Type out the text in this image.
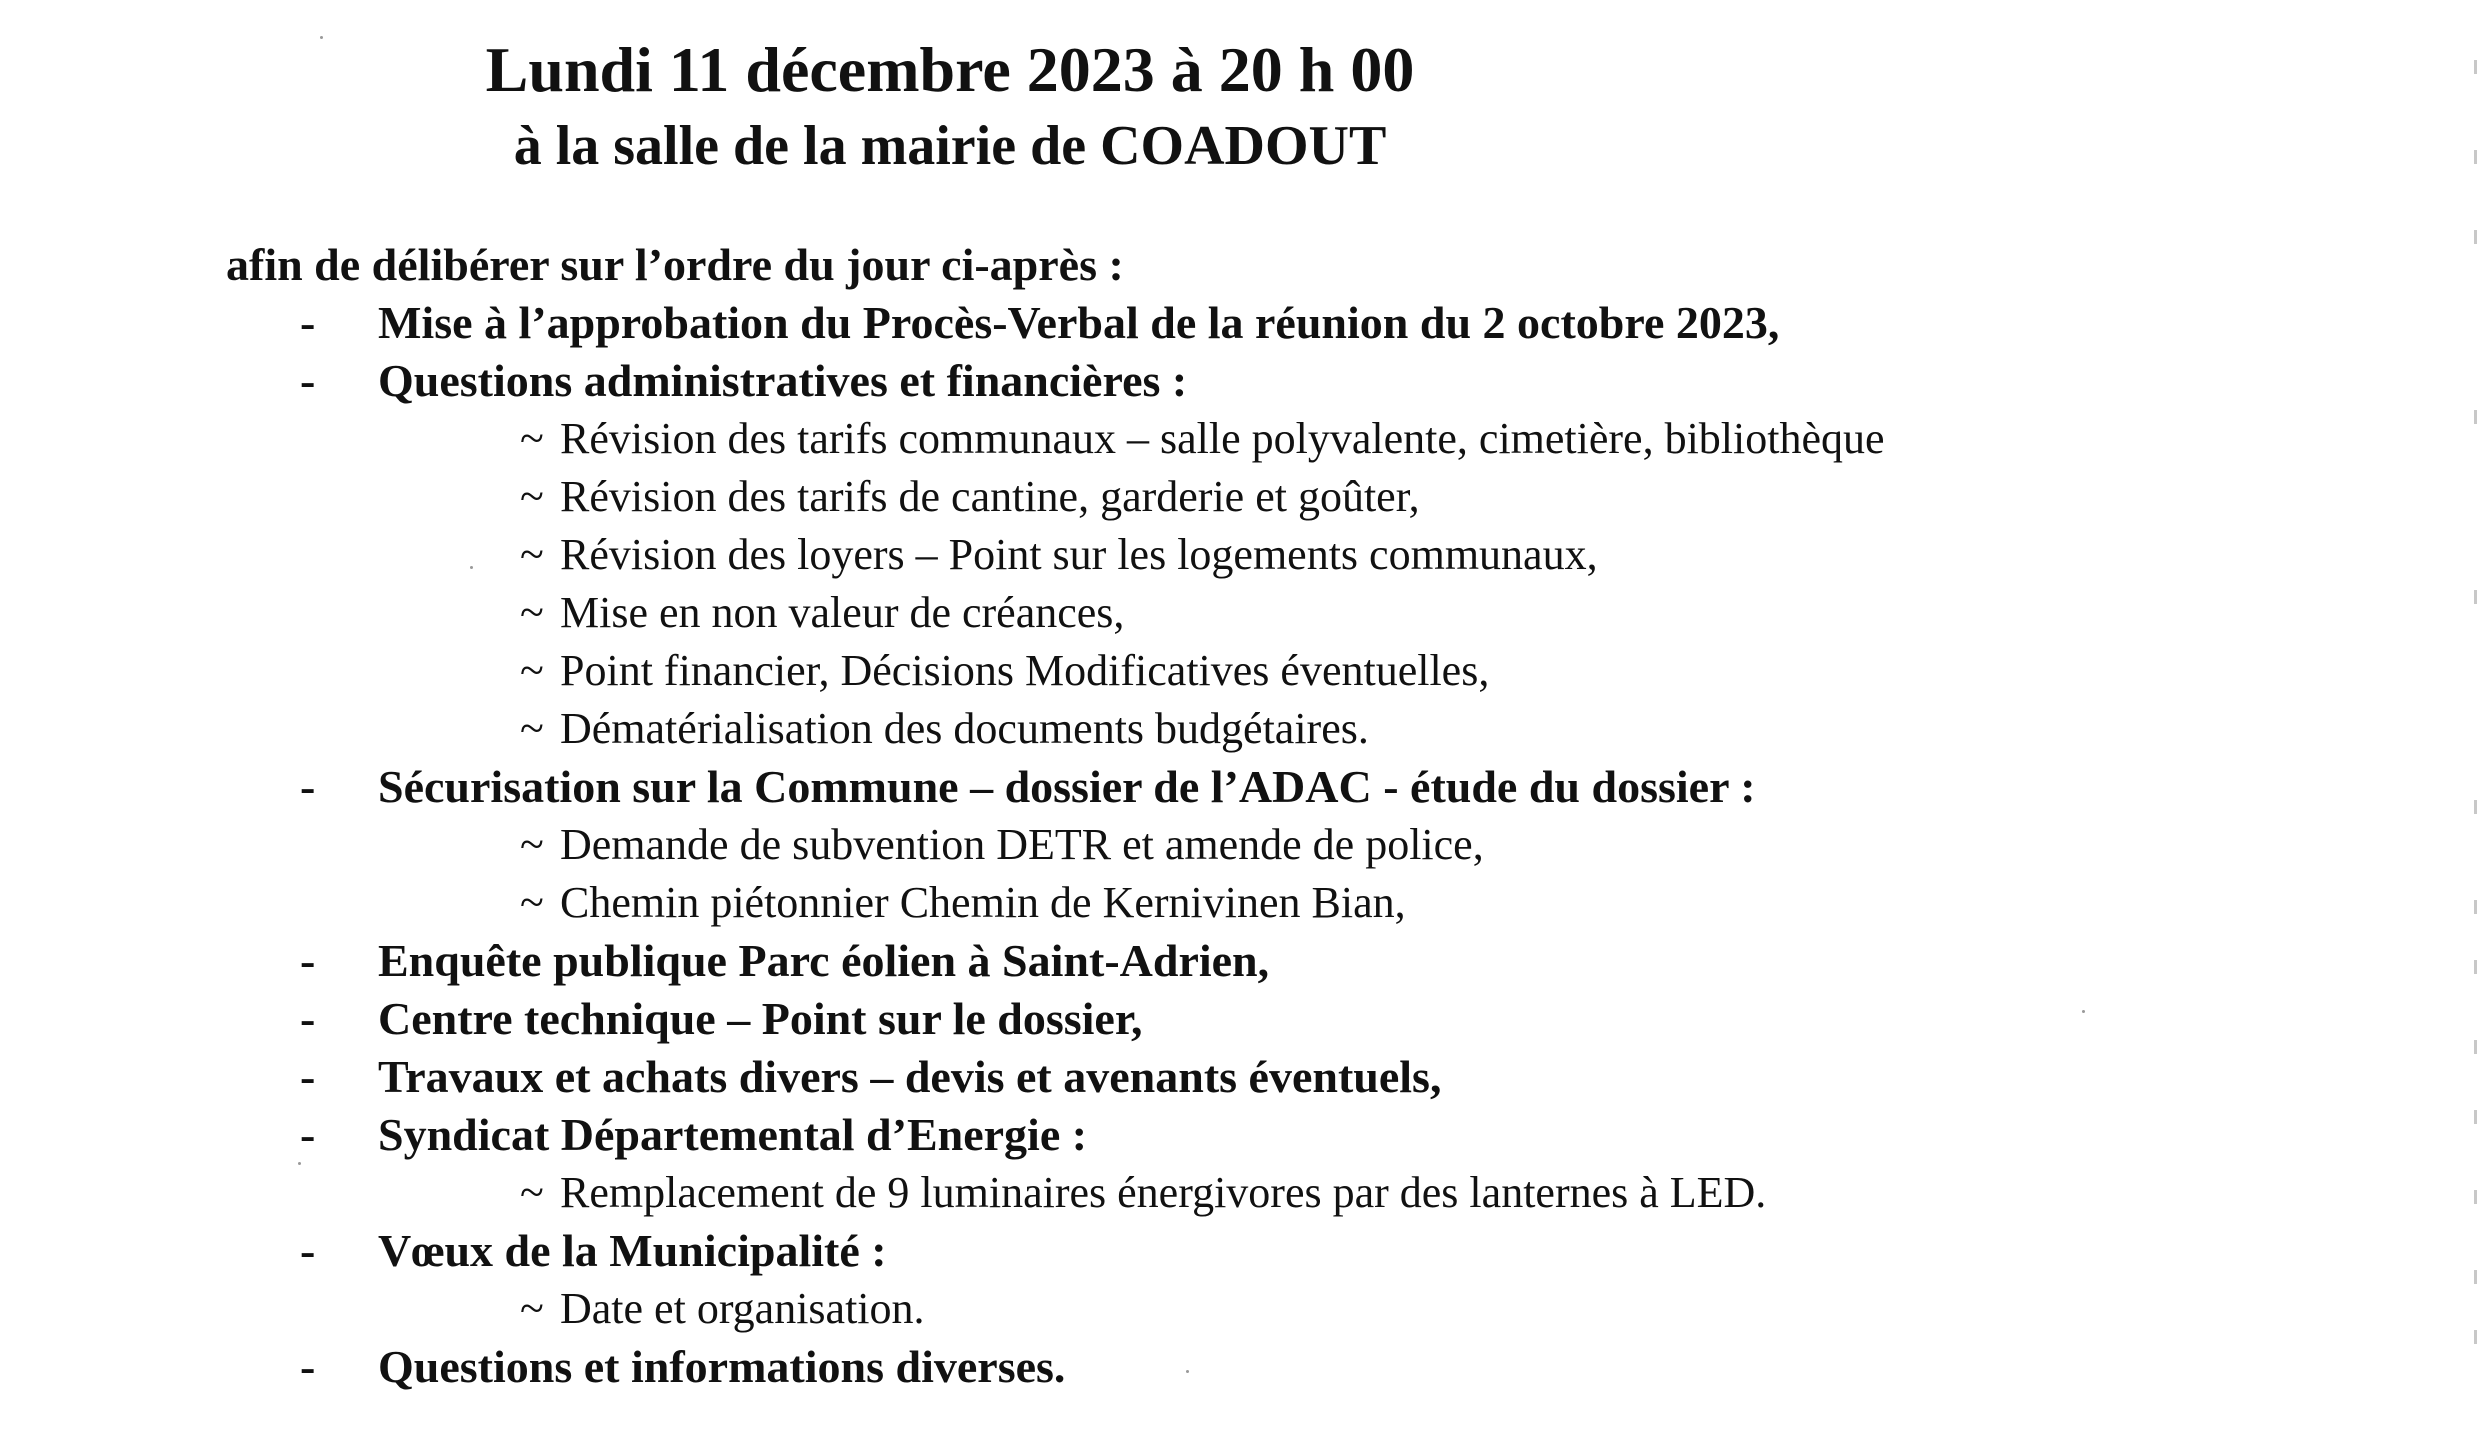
Lundi 11 décembre 2023 à 20 h 00
à la salle de la mairie de COADOUT
afin de délibérer sur l’ordre du jour ci-après :
- Mise à l’approbation du Procès-Verbal de la réunion du 2 octobre 2023,
- Questions administratives et financières :
~ Révision des tarifs communaux – salle polyvalente, cimetière, bibliothèque
~ Révision des tarifs de cantine, garderie et goûter,
~ Révision des loyers – Point sur les logements communaux,
~ Mise en non valeur de créances,
~ Point financier, Décisions Modificatives éventuelles,
~ Dématérialisation des documents budgétaires.
- Sécurisation sur la Commune – dossier de l’ADAC - étude du dossier :
~ Demande de subvention DETR et amende de police,
~ Chemin piétonnier Chemin de Kernivinen Bian,
- Enquête publique Parc éolien à Saint-Adrien,
- Centre technique – Point sur le dossier,
- Travaux et achats divers – devis et avenants éventuels,
- Syndicat Départemental d’Energie :
~ Remplacement de 9 luminaires énergivores par des lanternes à LED.
- Vœux de la Municipalité :
~ Date et organisation.
- Questions et informations diverses.
